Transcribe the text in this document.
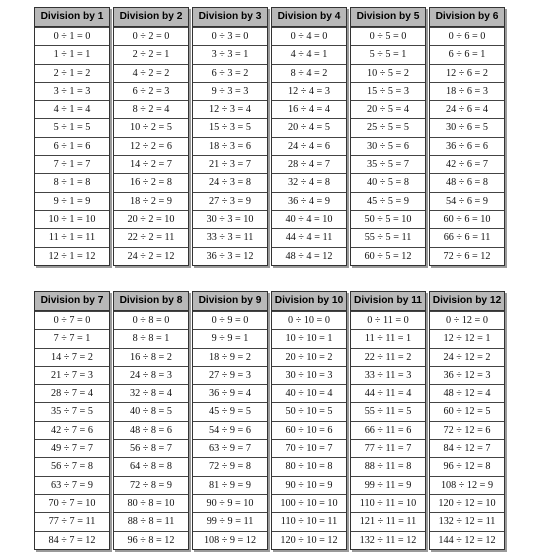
Division by 1
0 ÷ 1 = 0
1 ÷ 1 = 1
2 ÷ 1 = 2
3 ÷ 1 = 3
4 ÷ 1 = 4
5 ÷ 1 = 5
6 ÷ 1 = 6
7 ÷ 1 = 7
8 ÷ 1 = 8
9 ÷ 1 = 9
10 ÷ 1 = 10
11 ÷ 1 = 11
12 ÷ 1 = 12
Division by 2
0 ÷ 2 = 0
2 ÷ 2 = 1
4 ÷ 2 = 2
6 ÷ 2 = 3
8 ÷ 2 = 4
10 ÷ 2 = 5
12 ÷ 2 = 6
14 ÷ 2 = 7
16 ÷ 2 = 8
18 ÷ 2 = 9
20 ÷ 2 = 10
22 ÷ 2 = 11
24 ÷ 2 = 12
Division by 3
0 ÷ 3 = 0
3 ÷ 3 = 1
6 ÷ 3 = 2
9 ÷ 3 = 3
12 ÷ 3 = 4
15 ÷ 3 = 5
18 ÷ 3 = 6
21 ÷ 3 = 7
24 ÷ 3 = 8
27 ÷ 3 = 9
30 ÷ 3 = 10
33 ÷ 3 = 11
36 ÷ 3 = 12
Division by 4
0 ÷ 4 = 0
4 ÷ 4 = 1
8 ÷ 4 = 2
12 ÷ 4 = 3
16 ÷ 4 = 4
20 ÷ 4 = 5
24 ÷ 4 = 6
28 ÷ 4 = 7
32 ÷ 4 = 8
36 ÷ 4 = 9
40 ÷ 4 = 10
44 ÷ 4 = 11
48 ÷ 4 = 12
Division by 5
0 ÷ 5 = 0
5 ÷ 5 = 1
10 ÷ 5 = 2
15 ÷ 5 = 3
20 ÷ 5 = 4
25 ÷ 5 = 5
30 ÷ 5 = 6
35 ÷ 5 = 7
40 ÷ 5 = 8
45 ÷ 5 = 9
50 ÷ 5 = 10
55 ÷ 5 = 11
60 ÷ 5 = 12
Division by 6
0 ÷ 6 = 0
6 ÷ 6 = 1
12 ÷ 6 = 2
18 ÷ 6 = 3
24 ÷ 6 = 4
30 ÷ 6 = 5
36 ÷ 6 = 6
42 ÷ 6 = 7
48 ÷ 6 = 8
54 ÷ 6 = 9
60 ÷ 6 = 10
66 ÷ 6 = 11
72 ÷ 6 = 12
Division by 7
0 ÷ 7 = 0
7 ÷ 7 = 1
14 ÷ 7 = 2
21 ÷ 7 = 3
28 ÷ 7 = 4
35 ÷ 7 = 5
42 ÷ 7 = 6
49 ÷ 7 = 7
56 ÷ 7 = 8
63 ÷ 7 = 9
70 ÷ 7 = 10
77 ÷ 7 = 11
84 ÷ 7 = 12
Division by 8
0 ÷ 8 = 0
8 ÷ 8 = 1
16 ÷ 8 = 2
24 ÷ 8 = 3
32 ÷ 8 = 4
40 ÷ 8 = 5
48 ÷ 8 = 6
56 ÷ 8 = 7
64 ÷ 8 = 8
72 ÷ 8 = 9
80 ÷ 8 = 10
88 ÷ 8 = 11
96 ÷ 8 = 12
Division by 9
0 ÷ 9 = 0
9 ÷ 9 = 1
18 ÷ 9 = 2
27 ÷ 9 = 3
36 ÷ 9 = 4
45 ÷ 9 = 5
54 ÷ 9 = 6
63 ÷ 9 = 7
72 ÷ 9 = 8
81 ÷ 9 = 9
90 ÷ 9 = 10
99 ÷ 9 = 11
108 ÷ 9 = 12
Division by 10
0 ÷ 10 = 0
10 ÷ 10 = 1
20 ÷ 10 = 2
30 ÷ 10 = 3
40 ÷ 10 = 4
50 ÷ 10 = 5
60 ÷ 10 = 6
70 ÷ 10 = 7
80 ÷ 10 = 8
90 ÷ 10 = 9
100 ÷ 10 = 10
110 ÷ 10 = 11
120 ÷ 10 = 12
Division by 11
0 ÷ 11 = 0
11 ÷ 11 = 1
22 ÷ 11 = 2
33 ÷ 11 = 3
44 ÷ 11 = 4
55 ÷ 11 = 5
66 ÷ 11 = 6
77 ÷ 11 = 7
88 ÷ 11 = 8
99 ÷ 11 = 9
110 ÷ 11 = 10
121 ÷ 11 = 11
132 ÷ 11 = 12
Division by 12
0 ÷ 12 = 0
12 ÷ 12 = 1
24 ÷ 12 = 2
36 ÷ 12 = 3
48 ÷ 12 = 4
60 ÷ 12 = 5
72 ÷ 12 = 6
84 ÷ 12 = 7
96 ÷ 12 = 8
108 ÷ 12 = 9
120 ÷ 12 = 10
132 ÷ 12 = 11
144 ÷ 12 = 12
